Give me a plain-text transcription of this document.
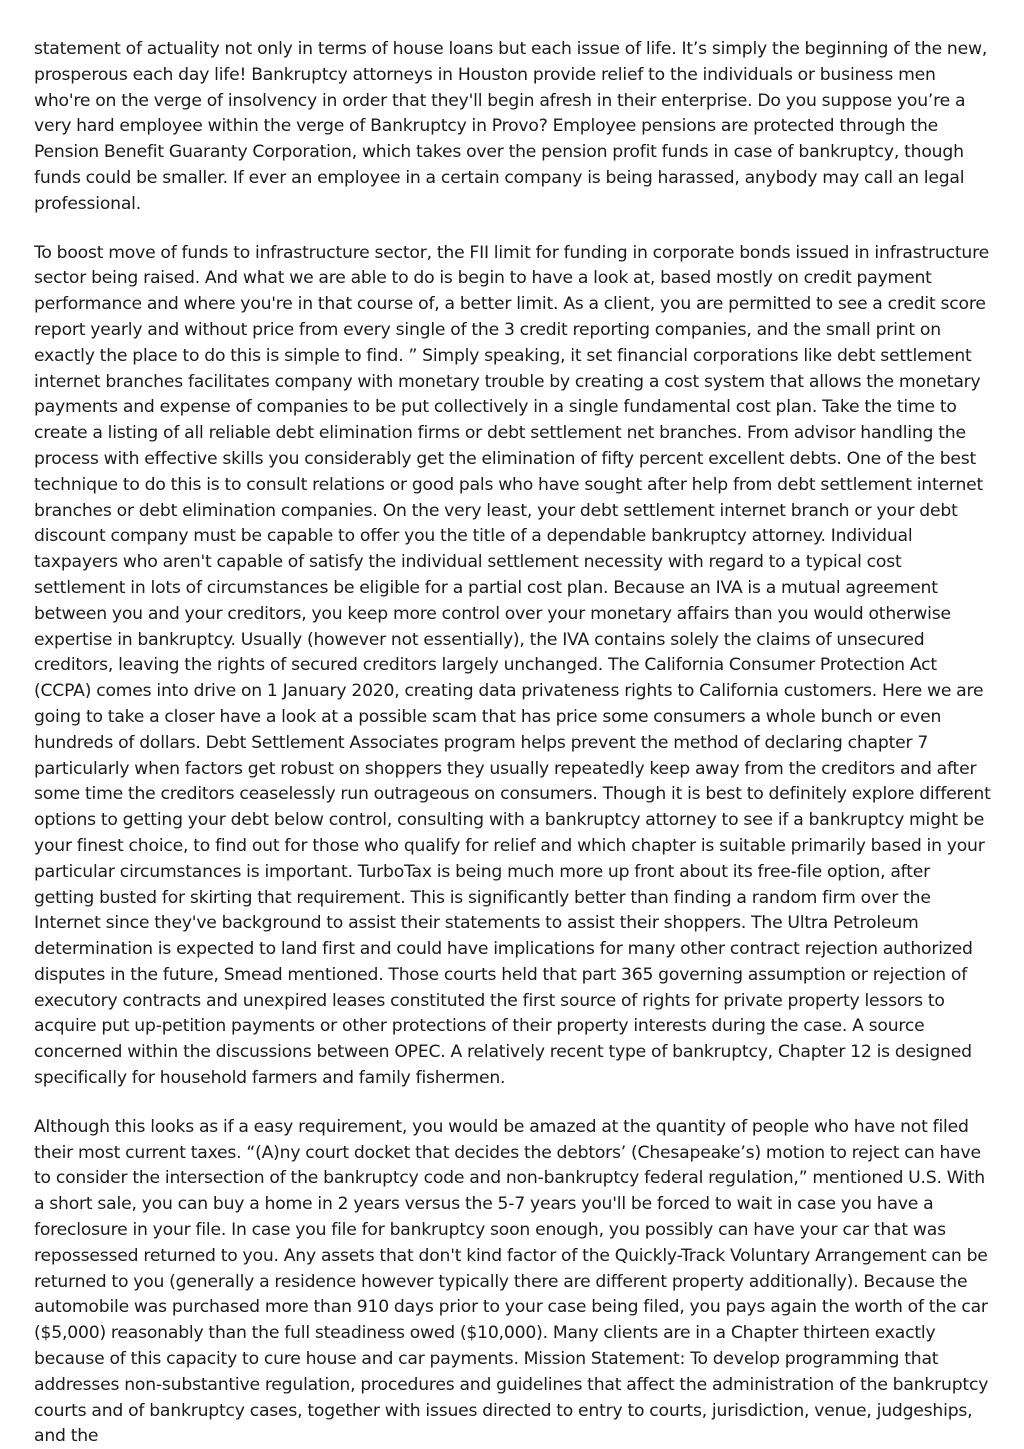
statement of actuality not only in terms of house loans but each issue of life. It’s simply the beginning of the new, prosperous each day life! Bankruptcy attorneys in Houston provide relief to the individuals or business men who're on the verge of insolvency in order that they'll begin afresh in their enterprise. Do you suppose you’re a very hard employee within the verge of Bankruptcy in Provo? Employee pensions are protected through the Pension Benefit Guaranty Corporation, which takes over the pension profit funds in case of bankruptcy, though funds could be smaller. If ever an employee in a certain company is being harassed, anybody may call an legal professional.

To boost move of funds to infrastructure sector, the FII limit for funding in corporate bonds issued in infrastructure sector being raised. And what we are able to do is begin to have a look at, based mostly on credit payment performance and where you're in that course of, a better limit. As a client, you are permitted to see a credit score report yearly and without price from every single of the 3 credit reporting companies, and the small print on exactly the place to do this is simple to find. ” Simply speaking, it set financial corporations like debt settlement internet branches facilitates company with monetary trouble by creating a cost system that allows the monetary payments and expense of companies to be put collectively in a single fundamental cost plan. Take the time to create a listing of all reliable debt elimination firms or debt settlement net branches. From advisor handling the process with effective skills you considerably get the elimination of fifty percent excellent debts. One of the best technique to do this is to consult relations or good pals who have sought after help from debt settlement internet branches or debt elimination companies. On the very least, your debt settlement internet branch or your debt discount company must be capable to offer you the title of a dependable bankruptcy attorney. Individual taxpayers who aren't capable of satisfy the individual settlement necessity with regard to a typical cost settlement in lots of circumstances be eligible for a partial cost plan. Because an IVA is a mutual agreement between you and your creditors, you keep more control over your monetary affairs than you would otherwise expertise in bankruptcy. Usually (however not essentially), the IVA contains solely the claims of unsecured creditors, leaving the rights of secured creditors largely unchanged. The California Consumer Protection Act (CCPA) comes into drive on 1 January 2020, creating data privateness rights to California customers. Here we are going to take a closer have a look at a possible scam that has price some consumers a whole bunch or even hundreds of dollars. Debt Settlement Associates program helps prevent the method of declaring chapter 7 particularly when factors get robust on shoppers they usually repeatedly keep away from the creditors and after some time the creditors ceaselessly run outrageous on consumers. Though it is best to definitely explore different options to getting your debt below control, consulting with a bankruptcy attorney to see if a bankruptcy might be your finest choice, to find out for those who qualify for relief and which chapter is suitable primarily based in your particular circumstances is important. TurboTax is being much more up front about its free-file option, after getting busted for skirting that requirement. This is significantly better than finding a random firm over the Internet since they've background to assist their statements to assist their shoppers. The Ultra Petroleum determination is expected to land first and could have implications for many other contract rejection authorized disputes in the future, Smead mentioned. Those courts held that part 365 governing assumption or rejection of executory contracts and unexpired leases constituted the first source of rights for private property lessors to acquire put up-petition payments or other protections of their property interests during the case. A source concerned within the discussions between OPEC. A relatively recent type of bankruptcy, Chapter 12 is designed specifically for household farmers and family fishermen.

Although this looks as if a easy requirement, you would be amazed at the quantity of people who have not filed their most current taxes. “(A)ny court docket that decides the debtors’ (Chesapeake’s) motion to reject can have to consider the intersection of the bankruptcy code and non-bankruptcy federal regulation,” mentioned U.S. With a short sale, you can buy a home in 2 years versus the 5-7 years you'll be forced to wait in case you have a foreclosure in your file. In case you file for bankruptcy soon enough, you possibly can have your car that was repossessed returned to you. Any assets that don't kind factor of the Quickly-Track Voluntary Arrangement can be returned to you (generally a residence however typically there are different property additionally). Because the automobile was purchased more than 910 days prior to your case being filed, you pays again the worth of the car ($5,000) reasonably than the full steadiness owed ($10,000). Many clients are in a Chapter thirteen exactly because of this capacity to cure house and car payments. Mission Statement: To develop programming that addresses non-substantive regulation, procedures and guidelines that affect the administration of the bankruptcy courts and of bankruptcy cases, together with issues directed to entry to courts, jurisdiction, venue, judgeships, and the
